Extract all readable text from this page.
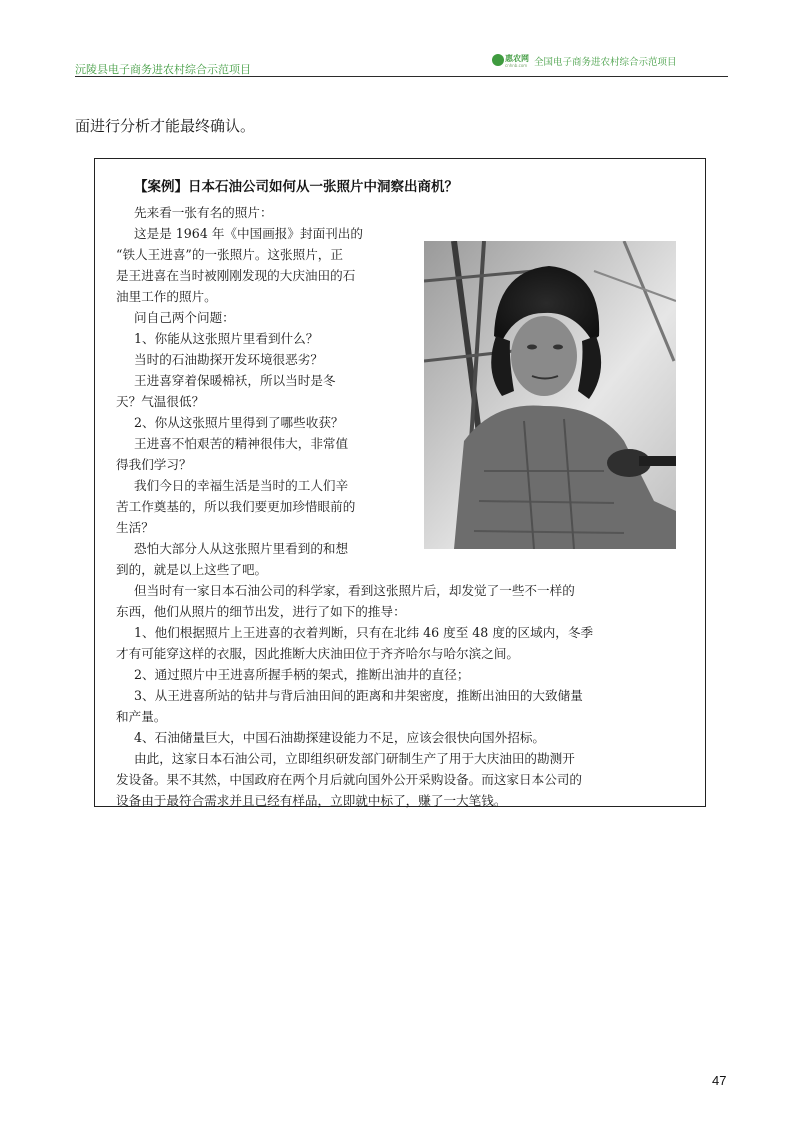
沅陵县电子商务进农村综合示范项目
惠农网
cnhnb.com 全国电子商务进农村综合示范项目
面进行分析才能最终确认。
【案例】日本石油公司如何从一张照片中洞察出商机？
先来看一张有名的照片：
这是是 1964 年《中国画报》封面刊出的
“铁人王进喜”的一张照片。这张照片，正
是王进喜在当时被刚刚发现的大庆油田的石
油里工作的照片。
问自己两个问题：
1、你能从这张照片里看到什么？
当时的石油勘探开发环境很恶劣？
王进喜穿着保暖棉袄，所以当时是冬
天？气温很低？
2、你从这张照片里得到了哪些收获？
王进喜不怕艰苦的精神很伟大，非常值
得我们学习？
我们今日的幸福生活是当时的工人们辛
苦工作奠基的，所以我们要更加珍惜眼前的
生活？
恐怕大部分人从这张照片里看到的和想
到的，就是以上这些了吧。
但当时有一家日本石油公司的科学家，看到这张照片后，却发觉了一些不一样的
东西，他们从照片的细节出发，进行了如下的推导：
1、他们根据照片上王进喜的衣着判断，只有在北纬 46 度至 48 度的区域内，冬季
才有可能穿这样的衣服，因此推断大庆油田位于齐齐哈尔与哈尔滨之间。
2、通过照片中王进喜所握手柄的架式，推断出油井的直径；
3、从王进喜所站的钻井与背后油田间的距离和井架密度，推断出油田的大致储量
和产量。
4、石油储量巨大，中国石油勘探建设能力不足，应该会很快向国外招标。
由此，这家日本石油公司，立即组织研发部门研制生产了用于大庆油田的勘测开
发设备。果不其然，中国政府在两个月后就向国外公开采购设备。而这家日本公司的
设备由于最符合需求并且已经有样品，立即就中标了，赚了一大笔钱。
47
